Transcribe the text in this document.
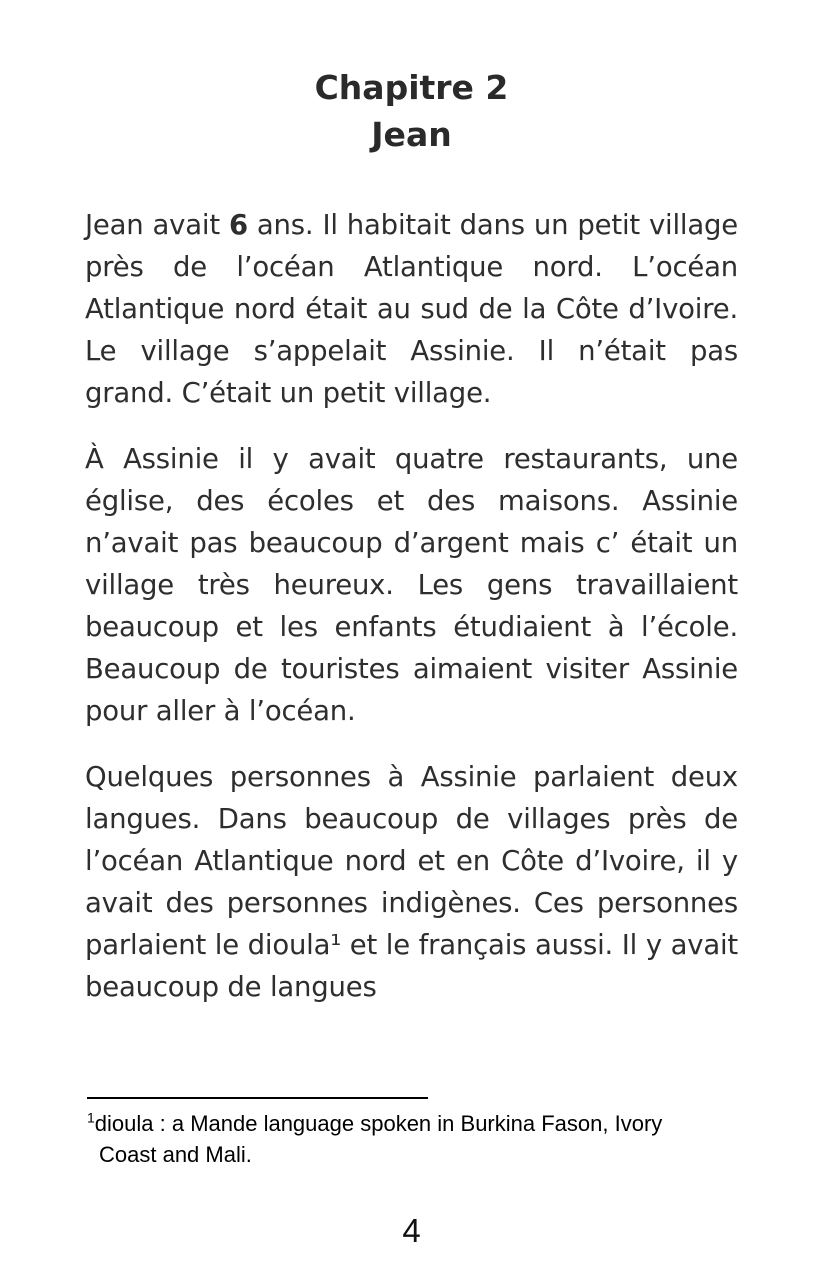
Chapitre 2
Jean

Jean avait 6 ans. Il habitait dans un petit village près de l’océan Atlantique nord. L’océan Atlantique nord était au sud de la Côte d’Ivoire. Le village s’appelait Assinie. Il n’était pas grand. C’était un petit village.

À Assinie il y avait quatre restaurants, une église, des écoles et des maisons. Assinie n’avait pas beaucoup d’argent mais c’ était un village très heureux. Les gens travaillaient beaucoup et les enfants étudiaient à l’école. Beaucoup de touristes aimaient visiter Assinie pour aller à l’océan.

Quelques personnes à Assinie parlaient deux langues. Dans beaucoup de villages près de l’océan Atlantique nord et en Côte d’Ivoire, il y avait des personnes indigènes. Ces personnes parlaient le dioula¹ et le français aussi. Il y avait beaucoup de langues

$^1$dioula : a Mande language spoken in Burkina Fason, Ivory Coast and Mali.
4
